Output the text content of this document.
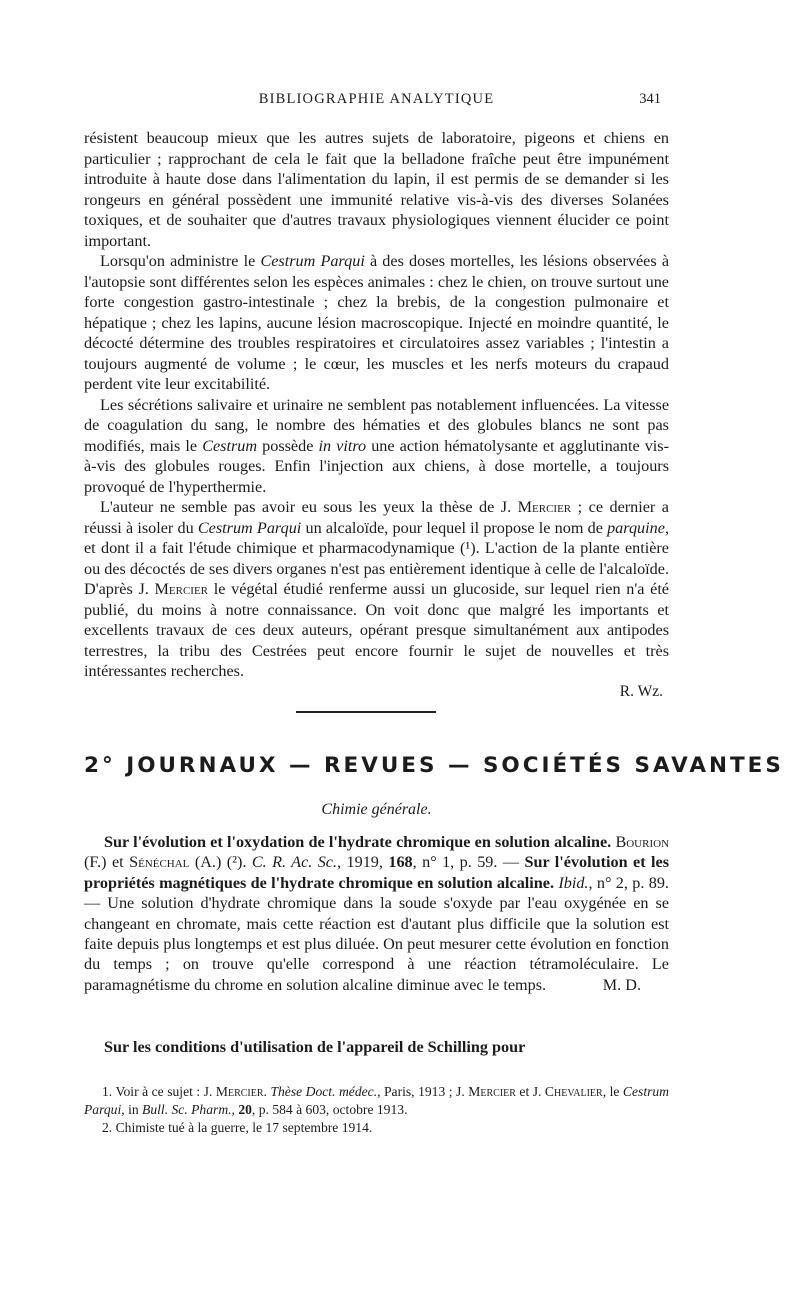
BIBLIOGRAPHIE ANALYTIQUE	341

résistent beaucoup mieux que les autres sujets de laboratoire, pigeons et chiens en particulier ; rapprochant de cela le fait que la belladone fraîche peut être impunément introduite à haute dose dans l'alimentation du lapin, il est permis de se demander si les rongeurs en général possèdent une immunité relative vis-à-vis des diverses Solanées toxiques, et de souhaiter que d'autres travaux physiologiques viennent élucider ce point important.

Lorsqu'on administre le Cestrum Parqui à des doses mortelles, les lésions observées à l'autopsie sont différentes selon les espèces animales : chez le chien, on trouve surtout une forte congestion gastro-intestinale ; chez la brebis, de la congestion pulmonaire et hépatique ; chez les lapins, aucune lésion macroscopique. Injecté en moindre quantité, le décocté détermine des troubles respiratoires et circulatoires assez variables ; l'intestin a toujours augmenté de volume ; le cœur, les muscles et les nerfs moteurs du crapaud perdent vite leur excitabilité.

Les sécrétions salivaire et urinaire ne semblent pas notablement influencées. La vitesse de coagulation du sang, le nombre des hématies et des globules blancs ne sont pas modifiés, mais le Cestrum possède in vitro une action hématolysante et agglutinante vis-à-vis des globules rouges. Enfin l'injection aux chiens, à dose mortelle, a toujours provoqué de l'hyperthermie.

L'auteur ne semble pas avoir eu sous les yeux la thèse de J. Mercier ; ce dernier a réussi à isoler du Cestrum Parqui un alcaloïde, pour lequel il propose le nom de parquine, et dont il a fait l'étude chimique et pharmacodynamique (¹). L'action de la plante entière ou des décoctés de ses divers organes n'est pas entièrement identique à celle de l'alcaloïde. D'après J. Mercier le végétal étudié renferme aussi un glucoside, sur lequel rien n'a été publié, du moins à notre connaissance. On voit donc que malgré les importants et excellents travaux de ces deux auteurs, opérant presque simultanément aux antipodes terrestres, la tribu des Cestrées peut encore fournir le sujet de nouvelles et très intéressantes recherches.

R. Wz.
2° JOURNAUX — REVUES — SOCIÉTÉS SAVANTES
Chimie générale.

Sur l'évolution et l'oxydation de l'hydrate chromique en solution alcaline. Bourion (F.) et Sénéchal (A.) (²). C. R. Ac. Sc., 1919, 168, n° 1, p. 59. — Sur l'évolution et les propriétés magnétiques de l'hydrate chromique en solution alcaline. Ibid., n° 2, p. 89. — Une solution d'hydrate chromique dans la soude s'oxyde par l'eau oxygénée en se changeant en chromate, mais cette réaction est d'autant plus difficile que la solution est faite depuis plus longtemps et est plus diluée. On peut mesurer cette évolution en fonction du temps ; on trouve qu'elle correspond à une réaction tétramoléculaire. Le paramagnétisme du chrome en solution alcaline diminue avec le temps.	M. D.
Sur les conditions d'utilisation de l'appareil de Schilling pour

1. Voir à ce sujet : J. Mercier. Thèse Doct. médec., Paris, 1913 ; J. Mercier et J. Chevalier, le Cestrum Parqui, in Bull. Sc. Pharm., 20, p. 584 à 603, octobre 1913.

2. Chimiste tué à la guerre, le 17 septembre 1914.
